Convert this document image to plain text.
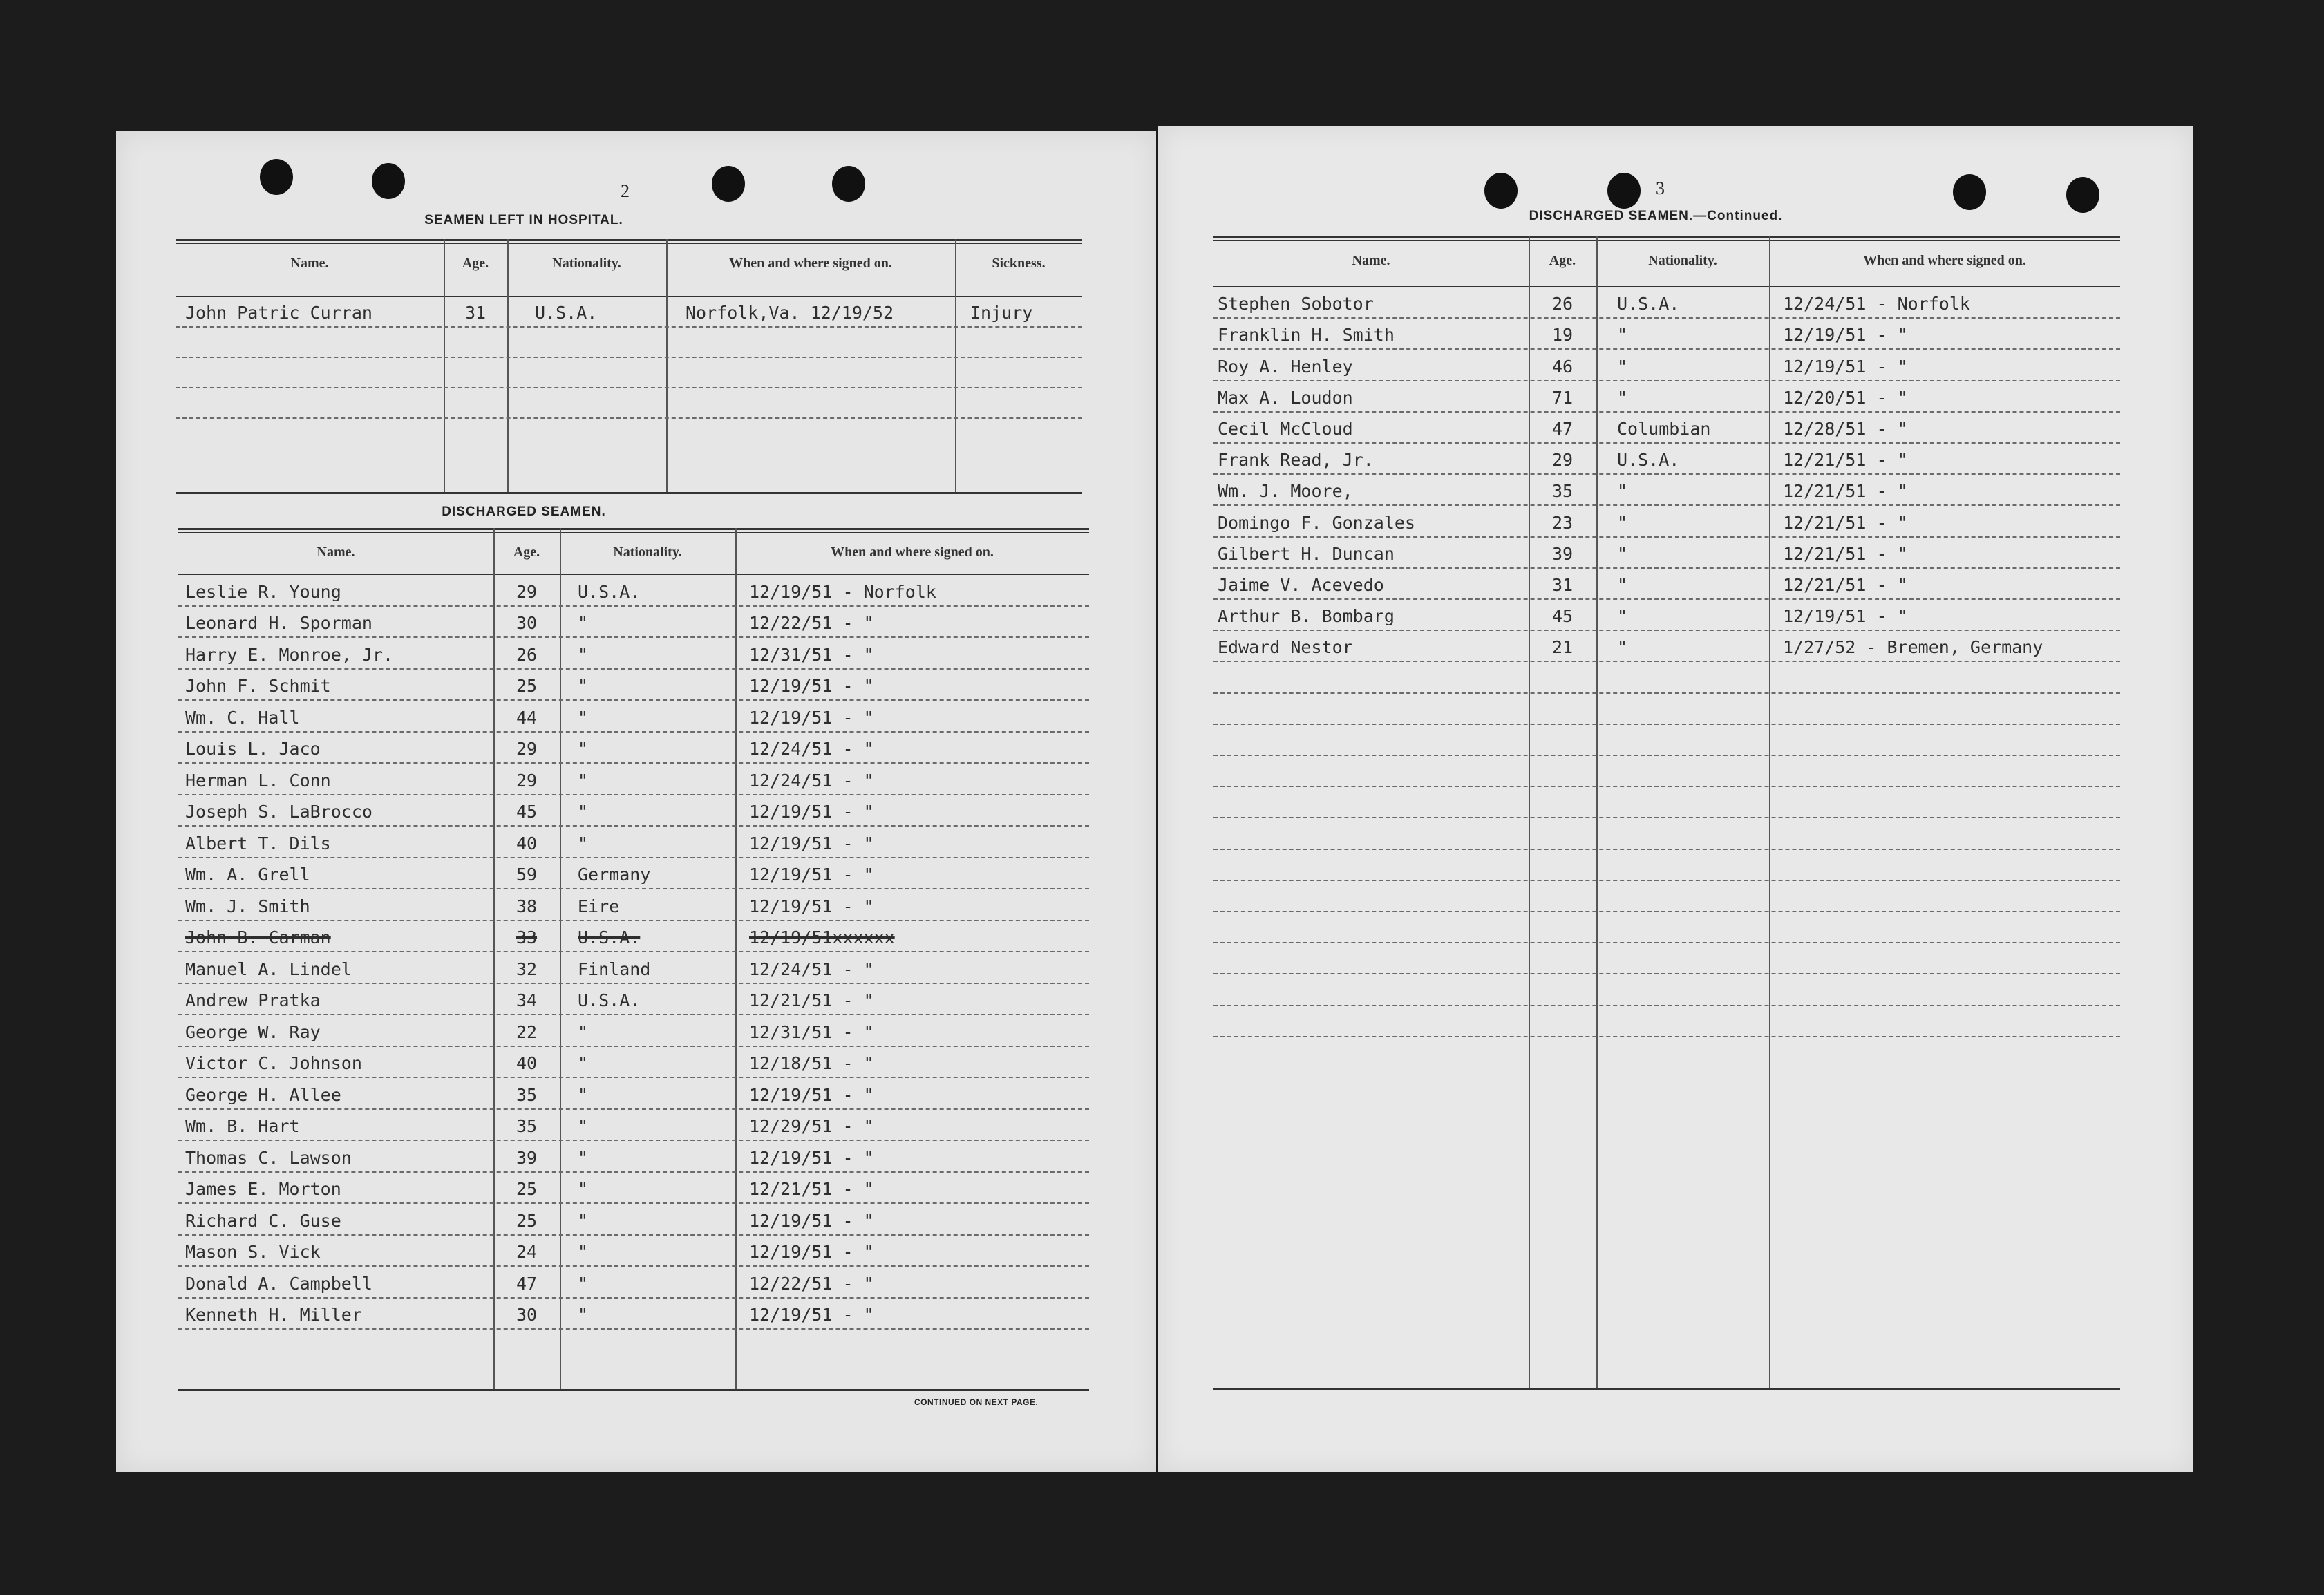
2
SEAMEN LEFT IN HOSPITAL.
Name.	Age.	Nationality.	When and where signed on.	Sickness.
John Patric Curran	31	U.S.A.	Norfolk,Va. 12/19/52	Injury
DISCHARGED SEAMEN.
Name.	Age.	Nationality.	When and where signed on.
Leslie R. Young	29	U.S.A.	12/19/51 - Norfolk
Leonard H. Sporman	30	"	12/22/51 - "
Harry E. Monroe, Jr.	26	"	12/31/51 - "
John F. Schmit	25	"	12/19/51 - "
Wm. C. Hall	44	"	12/19/51 - "
Louis L. Jaco	29	"	12/24/51 - "
Herman L. Conn	29	"	12/24/51 - "
Joseph S. LaBrocco	45	"	12/19/51 - "
Albert T. Dils	40	"	12/19/51 - "
Wm. A. Grell	59	Germany	12/19/51 - "
Wm. J. Smith	38	Eire	12/19/51 - "
John B. Carman	33	U.S.A.	12/19/51xxxxxx
Manuel A. Lindel	32	Finland	12/24/51 - "
Andrew Pratka	34	U.S.A.	12/21/51 - "
George W. Ray	22	"	12/31/51 - "
Victor C. Johnson	40	"	12/18/51 - "
George H. Allee	35	"	12/19/51 - "
Wm. B. Hart	35	"	12/29/51 - "
Thomas C. Lawson	39	"	12/19/51 - "
James E. Morton	25	"	12/21/51 - "
Richard C. Guse	25	"	12/19/51 - "
Mason S. Vick	24	"	12/19/51 - "
Donald A. Campbell	47	"	12/22/51 - "
Kenneth H. Miller	30	"	12/19/51 - "
CONTINUED ON NEXT PAGE.
3
DISCHARGED SEAMEN.—Continued.
Name.	Age.	Nationality.	When and where signed on.
Stephen Sobotor	26	U.S.A.	12/24/51 - Norfolk
Franklin H. Smith	19	"	12/19/51 - "
Roy A. Henley	46	"	12/19/51 - "
Max A. Loudon	71	"	12/20/51 - "
Cecil McCloud	47	Columbian	12/28/51 - "
Frank Read, Jr.	29	U.S.A.	12/21/51 - "
Wm. J. Moore,	35	"	12/21/51 - "
Domingo F. Gonzales	23	"	12/21/51 - "
Gilbert H. Duncan	39	"	12/21/51 - "
Jaime V. Acevedo	31	"	12/21/51 - "
Arthur B. Bombarg	45	"	12/19/51 - "
Edward Nestor	21	"	1/27/52 - Bremen, Germany
